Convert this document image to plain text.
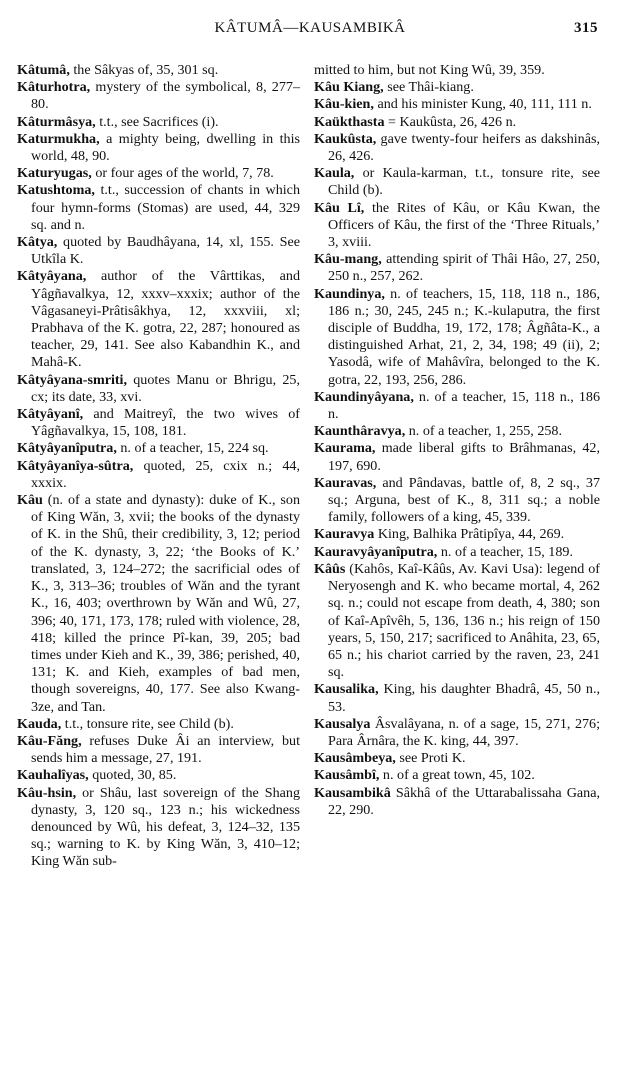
KÂTUMÂ—KAUSAMBIKÂ	315

Kâtumâ, the Sâkyas of, 35, 301 sq.

Kâturhotra, mystery of the symbolical, 8, 277–80.

Kâturmâsya, t.t., see Sacrifices (i).

Katurmukha, a mighty being, dwelling in this world, 48, 90.

Katuryugas, or four ages of the world, 7, 78.

Katushtoma, t.t., succession of chants in which four hymn-forms (Stomas) are used, 44, 329 sq. and n.

Kâtya, quoted by Baudhâyana, 14, xl, 155. See Utkîla K.

Kâtyâyana, author of the Vârttikas, and Yâgñavalkya, 12, xxxv–xxxix; author of the Vâgasaneyi-Prâtisâkhya, 12, xxxviii, xl; Prabhava of the K. gotra, 22, 287; honoured as teacher, 29, 141. See also Kabandhin K., and Mahâ-K.

Kâtyâyana-smriti, quotes Manu or Bhrigu, 25, cx; its date, 33, xvi.

Kâtyâyanî, and Maitreyî, the two wives of Yâgñavalkya, 15, 108, 181.

Kâtyâyanîputra, n. of a teacher, 15, 224 sq.

Kâtyâyanîya-sûtra, quoted, 25, cxix n.; 44, xxxix.

Kâu (n. of a state and dynasty): duke of K., son of King Wăn, 3, xvii; the books of the dynasty of K. in the Shû, their credibility, 3, 12; period of the K. dynasty, 3, 22; ‘the Books of K.’ translated, 3, 124–272; the sacrificial odes of K., 3, 313–36; troubles of Wăn and the tyrant K., 16, 403; overthrown by Wăn and Wû, 27, 396; 40, 171, 173, 178; ruled with violence, 28, 418; killed the prince Pî-kan, 39, 205; bad times under Kieh and K., 39, 386; perished, 40, 131; K. and Kieh, examples of bad men, though sovereigns, 40, 177. See also Kwang-3ze, and Tan.

Kauda, t.t., tonsure rite, see Child (b).

Kâu-Făng, refuses Duke Âi an interview, but sends him a message, 27, 191.

Kauhalîyas, quoted, 30, 85.

Kâu-hsin, or Shâu, last sovereign of the Shang dynasty, 3, 120 sq., 123 n.; his wickedness denounced by Wû, his defeat, 3, 124–32, 135 sq.; warning to K. by King Wăn, 3, 410–12; King Wăn sub-

mitted to him, but not King Wû, 39, 359.

Kâu Kiang, see Thâi-kiang.

Kâu-kien, and his minister Kung, 40, 111, 111 n.

Kaükthasta = Kaukûsta, 26, 426 n.

Kaukûsta, gave twenty-four heifers as dakshinâs, 26, 426.

Kaula, or Kaula-karman, t.t., tonsure rite, see Child (b).

Kâu Lî, the Rites of Kâu, or Kâu Kwan, the Officers of Kâu, the first of the ‘Three Rituals,’ 3, xviii.

Kâu-mang, attending spirit of Thâi Hâo, 27, 250, 250 n., 257, 262.

Kaundinya, n. of teachers, 15, 118, 118 n., 186, 186 n.; 30, 245, 245 n.; K.-kulaputra, the first disciple of Buddha, 19, 172, 178; Âgñâta-K., a distinguished Arhat, 21, 2, 34, 198; 49 (ii), 2; Yasodâ, wife of Mahâvîra, belonged to the K. gotra, 22, 193, 256, 286.

Kaundinyâyana, n. of a teacher, 15, 118 n., 186 n.

Kaunthâravya, n. of a teacher, 1, 255, 258.

Kaurama, made liberal gifts to Brâhmanas, 42, 197, 690.

Kauravas, and Pândavas, battle of, 8, 2 sq., 37 sq.; Arguna, best of K., 8, 311 sq.; a noble family, followers of a king, 45, 339.

Kauravya King, Balhika Prâtipîya, 44, 269.

Kauravyâyanîputra, n. of a teacher, 15, 189.

Kâûs (Kahôs, Kaî-Kâûs, Av. Kavi Usa): legend of Neryosengh and K. who became mortal, 4, 262 sq. n.; could not escape from death, 4, 380; son of Kaî-Apîvêh, 5, 136, 136 n.; his reign of 150 years, 5, 150, 217; sacrificed to Anâhita, 23, 65, 65 n.; his chariot carried by the raven, 23, 241 sq.

Kausalika, King, his daughter Bhadrâ, 45, 50 n., 53.

Kausalya Âsvalâyana, n. of a sage, 15, 271, 276; Para Ârnâra, the K. king, 44, 397.

Kausâmbeya, see Proti K.

Kausâmbî, n. of a great town, 45, 102.

Kausambikâ Sâkhâ of the Uttarabalissaha Gana, 22, 290.
